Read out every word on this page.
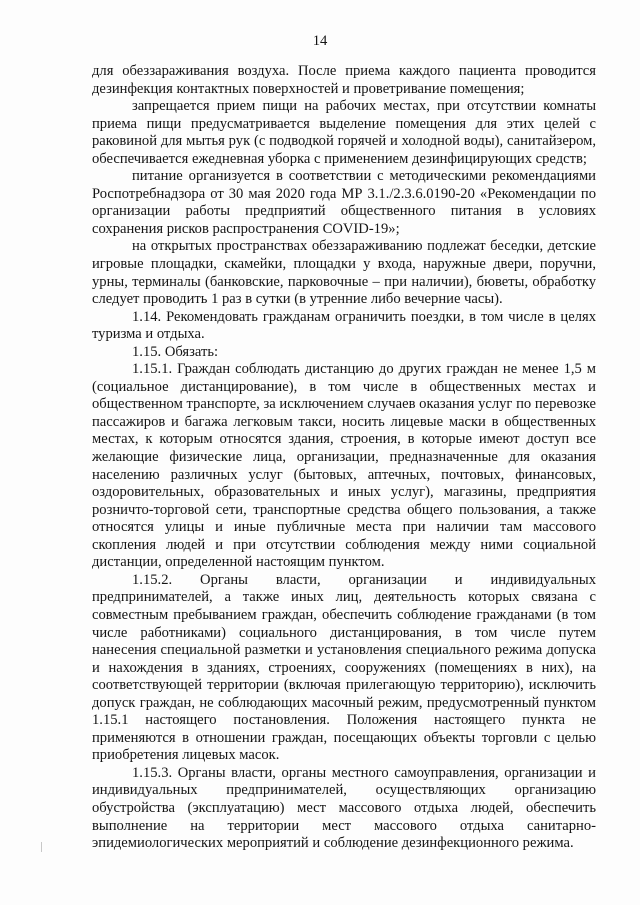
14

для обеззараживания воздуха. После приема каждого пациента проводится дезинфекция контактных поверхностей и проветривание помещения;

запрещается прием пищи на рабочих местах, при отсутствии комнаты приема пищи предусматривается выделение помещения для этих целей с раковиной для мытья рук (с подводкой горячей и холодной воды), санитайзером, обеспечивается ежедневная уборка с применением дезинфицирующих средств;

питание организуется в соответствии с методическими рекомендациями Роспотребнадзора от 30 мая 2020 года МР 3.1./2.3.6.0190-20 «Рекомендации по организации работы предприятий общественного питания в условиях сохранения рисков распространения COVID-19»;

на открытых пространствах обеззараживанию подлежат беседки, детские игровые площадки, скамейки, площадки у входа, наружные двери, поручни, урны, терминалы (банковские, парковочные – при наличии), бюветы, обработку следует проводить 1 раз в сутки (в утренние либо вечерние часы).

1.14. Рекомендовать гражданам ограничить поездки, в том числе в целях туризма и отдыха.

1.15. Обязать:

1.15.1. Граждан соблюдать дистанцию до других граждан не менее 1,5 м (социальное дистанцирование), в том числе в общественных местах и общественном транспорте, за исключением случаев оказания услуг по перевозке пассажиров и багажа легковым такси, носить лицевые маски в общественных местах, к которым относятся здания, строения, в которые имеют доступ все желающие физические лица, организации, предназначенные для оказания населению различных услуг (бытовых, аптечных, почтовых, финансовых, оздоровительных, образовательных и иных услуг), магазины, предприятия розничто-торговой сети, транспортные средства общего пользования, а также относятся улицы и иные публичные места при наличии там массового скопления людей и при отсутствии соблюдения между ними социальной дистанции, определенной настоящим пунктом.

1.15.2. Органы власти, организации и индивидуальных предпринимателей, а также иных лиц, деятельность которых связана с совместным пребыванием граждан, обеспечить соблюдение гражданами (в том числе работниками) социального дистанцирования, в том числе путем нанесения специальной разметки и установления специального режима допуска и нахождения в зданиях, строениях, сооружениях (помещениях в них), на соответствующей территории (включая прилегающую территорию), исключить допуск граждан, не соблюдающих масочный режим, предусмотренный пунктом 1.15.1 настоящего постановления. Положения настоящего пункта не применяются в отношении граждан, посещающих объекты торговли с целью приобретения лицевых масок.

1.15.3. Органы власти, органы местного самоуправления, организации и индивидуальных предпринимателей, осуществляющих организацию обустройства (эксплуатацию) мест массового отдыха людей, обеспечить выполнение на территории мест массового отдыха санитарно-эпидемиологических мероприятий и соблюдение дезинфекционного режима.
